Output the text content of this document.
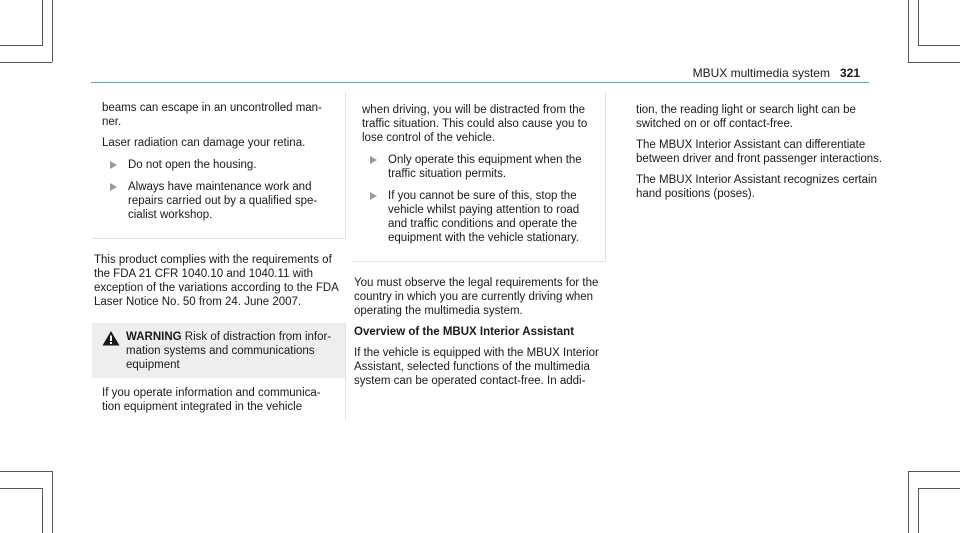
MBUX multimedia system 321

beams can escape in an uncontrolled man- ner.

Laser radiation can damage your retina.

Do not open the housing.
Always have maintenance work and repairs carried out by a qualified spe- cialist workshop.

This product complies with the requirements of the FDA 21 CFR 1040.10 and 1040.11 with exception of the variations according to the FDA Laser Notice No. 50 from 24. June 2007.

WARNING Risk of distraction from infor- mation systems and communications equipment
If you operate information and communica- tion equipment integrated in the vehicle

when driving, you will be distracted from the traffic situation. This could also cause you to lose control of the vehicle.

Only operate this equipment when the traffic situation permits.
If you cannot be sure of this, stop the vehicle whilst paying attention to road and traffic conditions and operate the equipment with the vehicle stationary.

You must observe the legal requirements for the country in which you are currently driving when operating the multimedia system.

Overview of the MBUX Interior Assistant

If the vehicle is equipped with the MBUX Interior Assistant, selected functions of the multimedia system can be operated contact-free. In addi-

tion, the reading light or search light can be switched on or off contact-free.

The MBUX Interior Assistant can differentiate between driver and front passenger interactions.

The MBUX Interior Assistant recognizes certain hand positions (poses).
